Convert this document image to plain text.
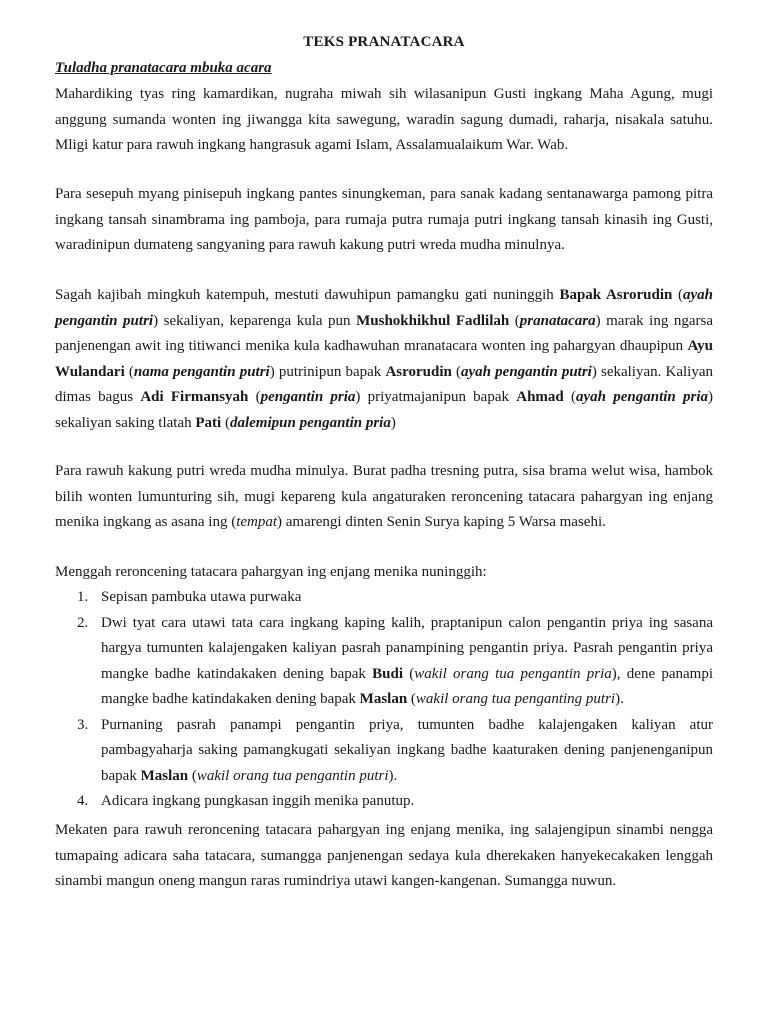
TEKS PRANATACARA
Tuladha pranatacara mbuka acara

Mahardiking tyas ring kamardikan, nugraha miwah sih wilasanipun Gusti ingkang Maha Agung, mugi anggung sumanda wonten ing jiwangga kita sawegung, waradin sagung dumadi, raharja, nisakala satuhu. Mligi katur para rawuh ingkang hangrasuk agami Islam, Assalamualaikum War. Wab.

Para sesepuh myang pinisepuh ingkang pantes sinungkeman, para sanak kadang sentanawarga pamong pitra ingkang tansah sinambrama ing pamboja, para rumaja putra rumaja putri ingkang tansah kinasih ing Gusti, waradinipun dumateng sangyaning para rawuh kakung putri wreda mudha minulnya.

Sagah kajibah mingkuh katempuh, mestuti dawuhipun pamangku gati nuninggih Bapak Asrorudin (ayah pengantin putri) sekaliyan, keparenga kula pun Mushokhikhul Fadlilah (pranatacara) marak ing ngarsa panjenengan awit ing titiwanci menika kula kadhawuhan mranatacara wonten ing pahargyan dhaupipun Ayu Wulandari (nama pengantin putri) putrinipun bapak Asrorudin (ayah pengantin putri) sekaliyan. Kaliyan dimas bagus Adi Firmansyah (pengantin pria) priyatmajanipun bapak Ahmad (ayah pengantin pria) sekaliyan saking tlatah Pati (dalemipun pengantin pria)

Para rawuh kakung putri wreda mudha minulya. Burat padha tresning putra, sisa brama welut wisa, hambok bilih wonten lumunturing sih, mugi kepareng kula angaturaken reroncening tatacara pahargyan ing enjang menika ingkang as asana ing (tempat) amarengi dinten Senin Surya kaping 5 Warsa masehi.

Menggah reroncening tatacara pahargyan ing enjang menika nuninggih:

1. Sepisan pambuka utawa purwaka
2. Dwi tyat cara utawi tata cara ingkang kaping kalih, praptanipun calon pengantin priya ing sasana hargya tumunten kalajengaken kaliyan pasrah panampining pengantin priya. Pasrah pengantin priya mangke badhe katindakaken dening bapak Budi (wakil orang tua pengantin pria), dene panampi mangke badhe katindakaken dening bapak Maslan (wakil orang tua penganting putri).
3. Purnaning pasrah panampi pengantin priya, tumunten badhe kalajengaken kaliyan atur pambagyaharja saking pamangkugati sekaliyan ingkang badhe kaaturaken dening panjenenganipun bapak Maslan (wakil orang tua pengantin putri).
4. Adicara ingkang pungkasan inggih menika panutup.

Mekaten para rawuh reroncening tatacara pahargyan ing enjang menika, ing salajengipun sinambi nengga tumapaing adicara saha tatacara, sumangga panjenengan sedaya kula dherekaken hanyekecakaken lenggah sinambi mangun oneng mangun raras rumindriya utawi kangen-kangenan. Sumangga nuwun.
